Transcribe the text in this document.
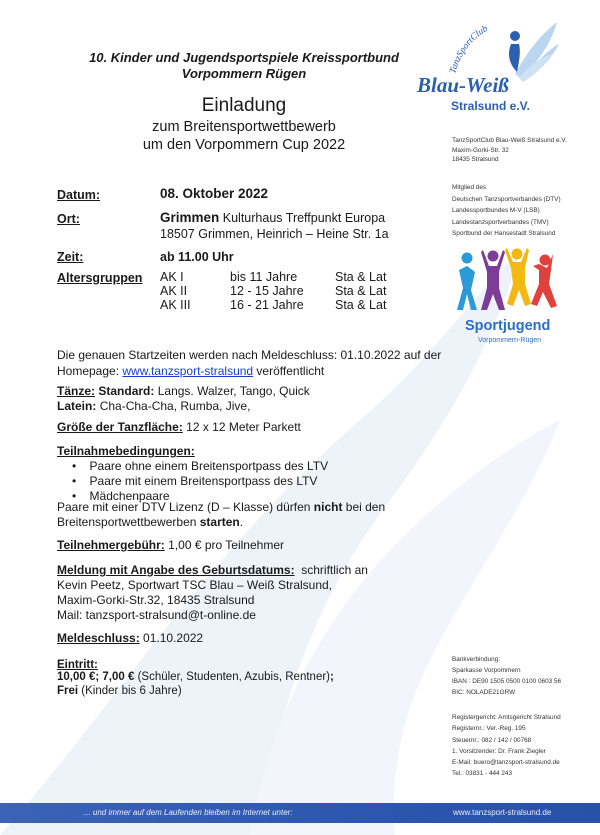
10. Kinder und Jugendsportspiele Kreissportbund
Vorpommern Rügen
Einladung
zum Breitensportwettbewerb
um den Vorpommern Cup 2022
TanzSportClub
Blau-Weiß
Stralsund e.V.
TanzSportClub Blau-Weiß Stralsund e.V.
Maxim-Gorki-Str. 32
18435 Stralsund
Mitglied des
Deutschen Tanzsportverbandes (DTV)
Landessportbundes M-V (LSB)
Landestanzsportverbandes (TMV)
Sportbund der Hansestadt Stralsund
Sportjugend
Vorpommern-Rügen
Datum:	08. Oktober 2022
Ort:	Grimmen Kulturhaus Treffpunkt Europa
18507 Grimmen, Heinrich – Heine Str. 1a
Zeit:	ab 11.00 Uhr
Altersgruppen AK I	bis 11 Jahre	Sta & Lat
AK II	12 - 15 Jahre	Sta & Lat
AK III	16 - 21 Jahre	Sta & Lat
Die genauen Startzeiten werden nach Meldeschluss: 01.10.2022 auf der
Homepage: www.tanzsport-stralsund veröffentlicht
Tänze: Standard: Langs. Walzer, Tango, Quick
Latein: Cha-Cha-Cha, Rumba, Jive,
Größe der Tanzfläche: 12 x 12 Meter Parkett
Teilnahmebedingungen:
•    Paare ohne einem Breitensportpass des LTV
•    Paare mit einem Breitensportpass des LTV
•    Mädchenpaare
Paare mit einer DTV Lizenz (D – Klasse) dürfen nicht bei den
Breitensportwettbewerben starten.
Teilnehmergebühr: 1,00 € pro Teilnehmer
Meldung mit Angabe des Geburtsdatums: schriftlich an
Kevin Peetz, Sportwart TSC Blau – Weiß Stralsund,
Maxim-Gorki-Str.32, 18435 Stralsund
Mail: tanzsport-stralsund@t-online.de
Meldeschluss: 01.10.2022
Eintritt:
10,00 €; 7,00 € (Schüler, Studenten, Azubis, Rentner);
Frei (Kinder bis 6 Jahre)
Bankverbindung:
Sparkasse Vorpommern
IBAN : DE90 1505 0500 0100 0603 56
BIC: NOLADE21GRW
Registergericht: Amtsgericht Stralsund
Registernr.: Ver.-Reg. 195
Steuernr.: 082 / 142 / 00768
1. Vorsitzender: Dr. Frank Ziegler
E-Mail: buero@tanzsport-stralsund.de
Tel.: 03831 - 444 243
... und immer auf dem Laufenden bleiben im Internet unter:	www.tanzsport-stralsund.de
